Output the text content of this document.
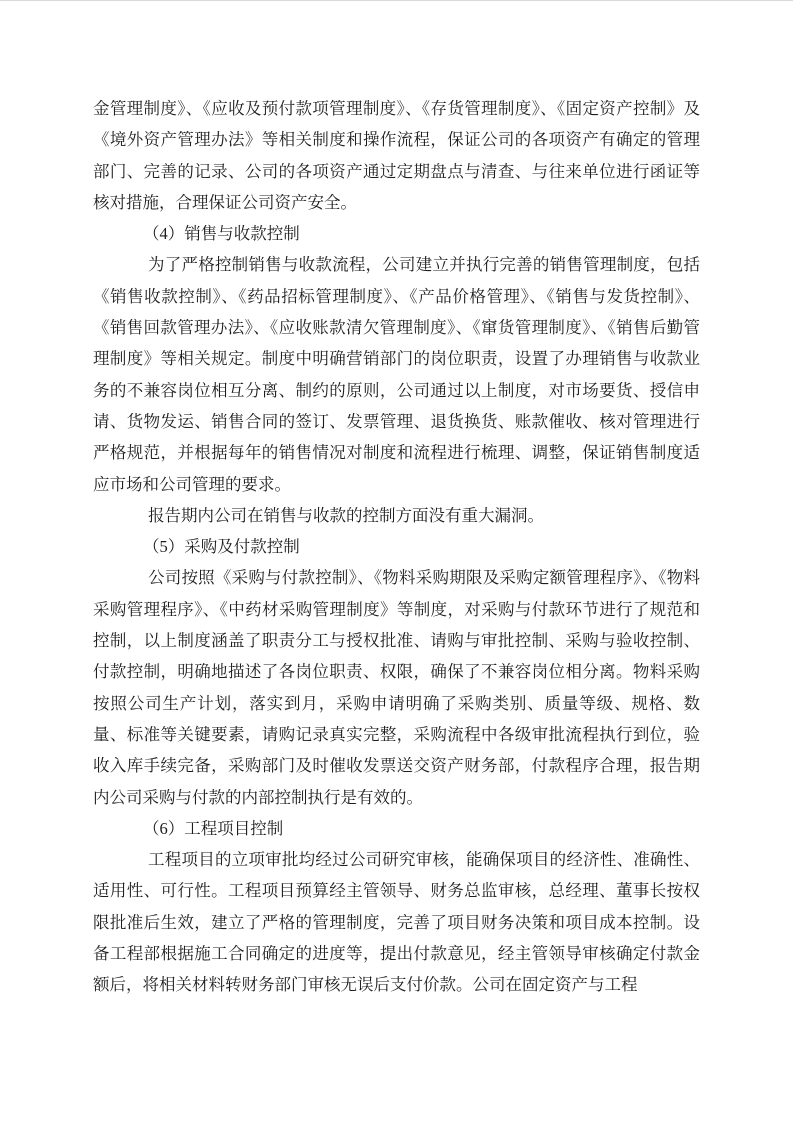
金管理制度》、《应收及预付款项管理制度》、《存货管理制度》、《固定资产控制》及《境外资产管理办法》等相关制度和操作流程，保证公司的各项资产有确定的管理部门、完善的记录、公司的各项资产通过定期盘点与清查、与往来单位进行函证等核对措施，合理保证公司资产安全。

（4）销售与收款控制

为了严格控制销售与收款流程，公司建立并执行完善的销售管理制度，包括《销售收款控制》、《药品招标管理制度》、《产品价格管理》、《销售与发货控制》、《销售回款管理办法》、《应收账款清欠管理制度》、《窜货管理制度》、《销售后勤管理制度》等相关规定。制度中明确营销部门的岗位职责，设置了办理销售与收款业务的不兼容岗位相互分离、制约的原则，公司通过以上制度，对市场要货、授信申请、货物发运、销售合同的签订、发票管理、退货换货、账款催收、核对管理进行严格规范，并根据每年的销售情况对制度和流程进行梳理、调整，保证销售制度适应市场和公司管理的要求。

报告期内公司在销售与收款的控制方面没有重大漏洞。

（5）采购及付款控制

公司按照《采购与付款控制》、《物料采购期限及采购定额管理程序》、《物料采购管理程序》、《中药材采购管理制度》等制度，对采购与付款环节进行了规范和控制，以上制度涵盖了职责分工与授权批准、请购与审批控制、采购与验收控制、付款控制，明确地描述了各岗位职责、权限，确保了不兼容岗位相分离。物料采购按照公司生产计划，落实到月，采购申请明确了采购类别、质量等级、规格、数量、标准等关键要素，请购记录真实完整，采购流程中各级审批流程执行到位，验收入库手续完备，采购部门及时催收发票送交资产财务部，付款程序合理，报告期内公司采购与付款的内部控制执行是有效的。

（6）工程项目控制

工程项目的立项审批均经过公司研究审核，能确保项目的经济性、准确性、适用性、可行性。工程项目预算经主管领导、财务总监审核，总经理、董事长按权限批准后生效，建立了严格的管理制度，完善了项目财务决策和项目成本控制。设备工程部根据施工合同确定的进度等，提出付款意见，经主管领导审核确定付款金额后，将相关材料转财务部门审核无误后支付价款。公司在固定资产与工程
